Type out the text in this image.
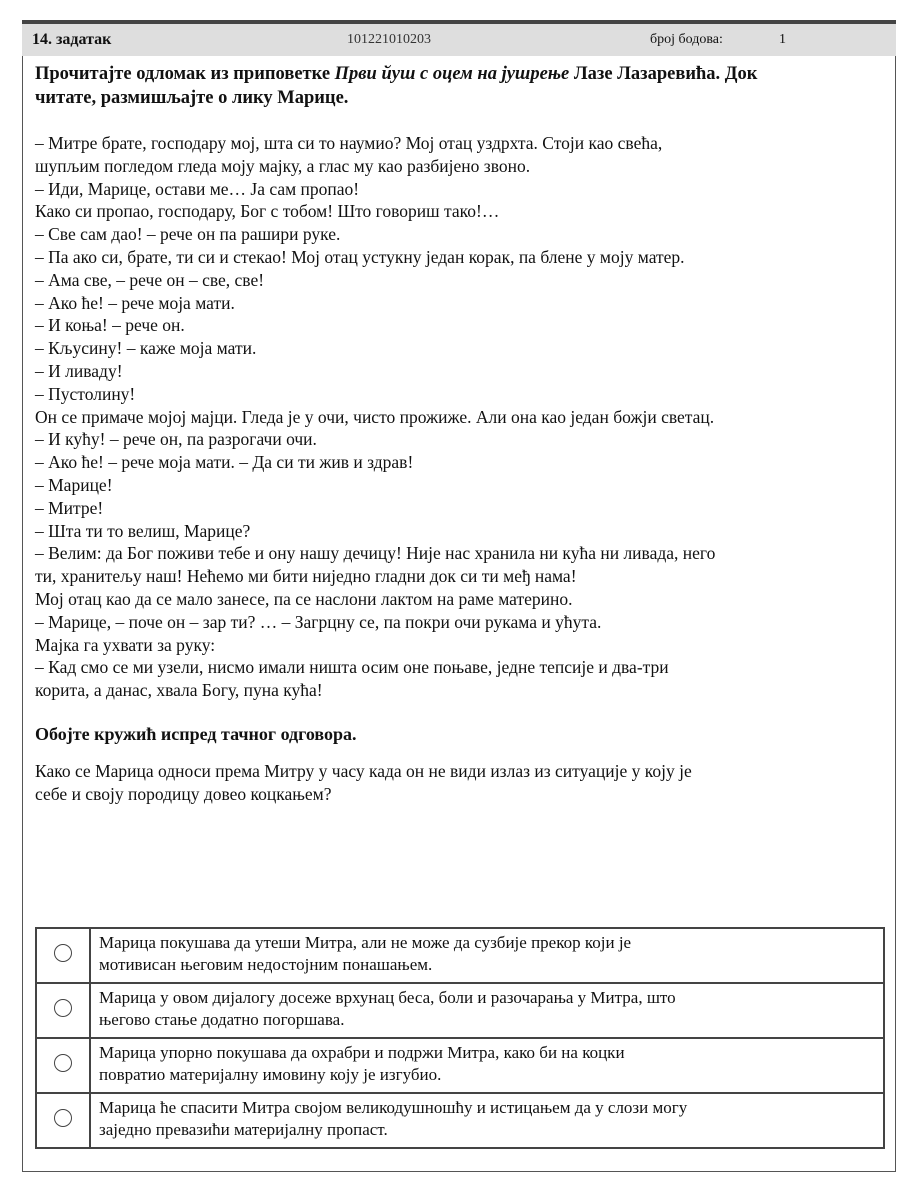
14. задатак	101221010203	број бодова:	1

Прочитајте одломак из приповетке Први йуш с оцем на јушрење Лазе Лазаревића. Док
читате, размишљајте о лику Марице.

– Митре брате, господару мој, шта си то наумио? Мој отац уздрхта. Стоји као свећа,
шупљим погледом гледа моју мајку, а глас му као разбијено звоно.
– Иди, Марице, остави ме… Ја сам пропао!
Како си пропао, господару, Бог с тобом! Што говориш тако!…
– Све сам дао! – рече он па рашири руке.
– Па ако си, брате, ти си и стекао! Мој отац устукну један корак, па блене у моју матер.
– Ама све, – рече он – све, све!
– Ако ће! – рече моја мати.
– И коња! – рече он.
– Кљусину! – каже моја мати.
– И ливаду!
– Пустолину!
Он се примаче мојој мајци. Гледа је у очи, чисто прожиже. Али она као један божји светац.
– И кућу! – рече он, па разрогачи очи.
– Ако ће! – рече моја мати. – Да си ти жив и здрав!
– Марице!
– Митре!
– Шта ти то велиш, Марице?
– Велим: да Бог поживи тебе и ону нашу дечицу! Није нас хранила ни кућа ни ливада, него
ти, хранитељу наш! Нећемо ми бити ниједно гладни док си ти међ нама!
Мој отац као да се мало занесе, па се наслони лактом на раме материно.
– Марице, – поче он – зар ти? … – Загрцну се, па покри очи рукама и ућута.
Мајка га ухвати за руку:
– Кад смо се ми узели, нисмо имали ништа осим оне поњаве, једне тепсије и два-три
корита, а данас, хвала Богу, пуна кућа!
Обојте кружић испред тачног одговора.
Како се Марица односи према Митру у часу када он не види излаз из ситуације у коју је
себе и своју породицу довео коцкањем?
	Марица покушава да утеши Митра, али не може да сузбије прекор који је
мотивисан његовим недостојним понашањем.
	Марица у овом дијалогу досеже врхунац беса, боли и разочарања у Митра, што
његово стање додатно погоршава.
	Марица упорно покушава да охрабри и подржи Митра, како би на коцки
повратио материјалну имовину коју је изгубио.
	Марица ће спасити Митра својом великодушношћу и истицањем да у слози могу
заједно превазићи материјалну пропаст.
